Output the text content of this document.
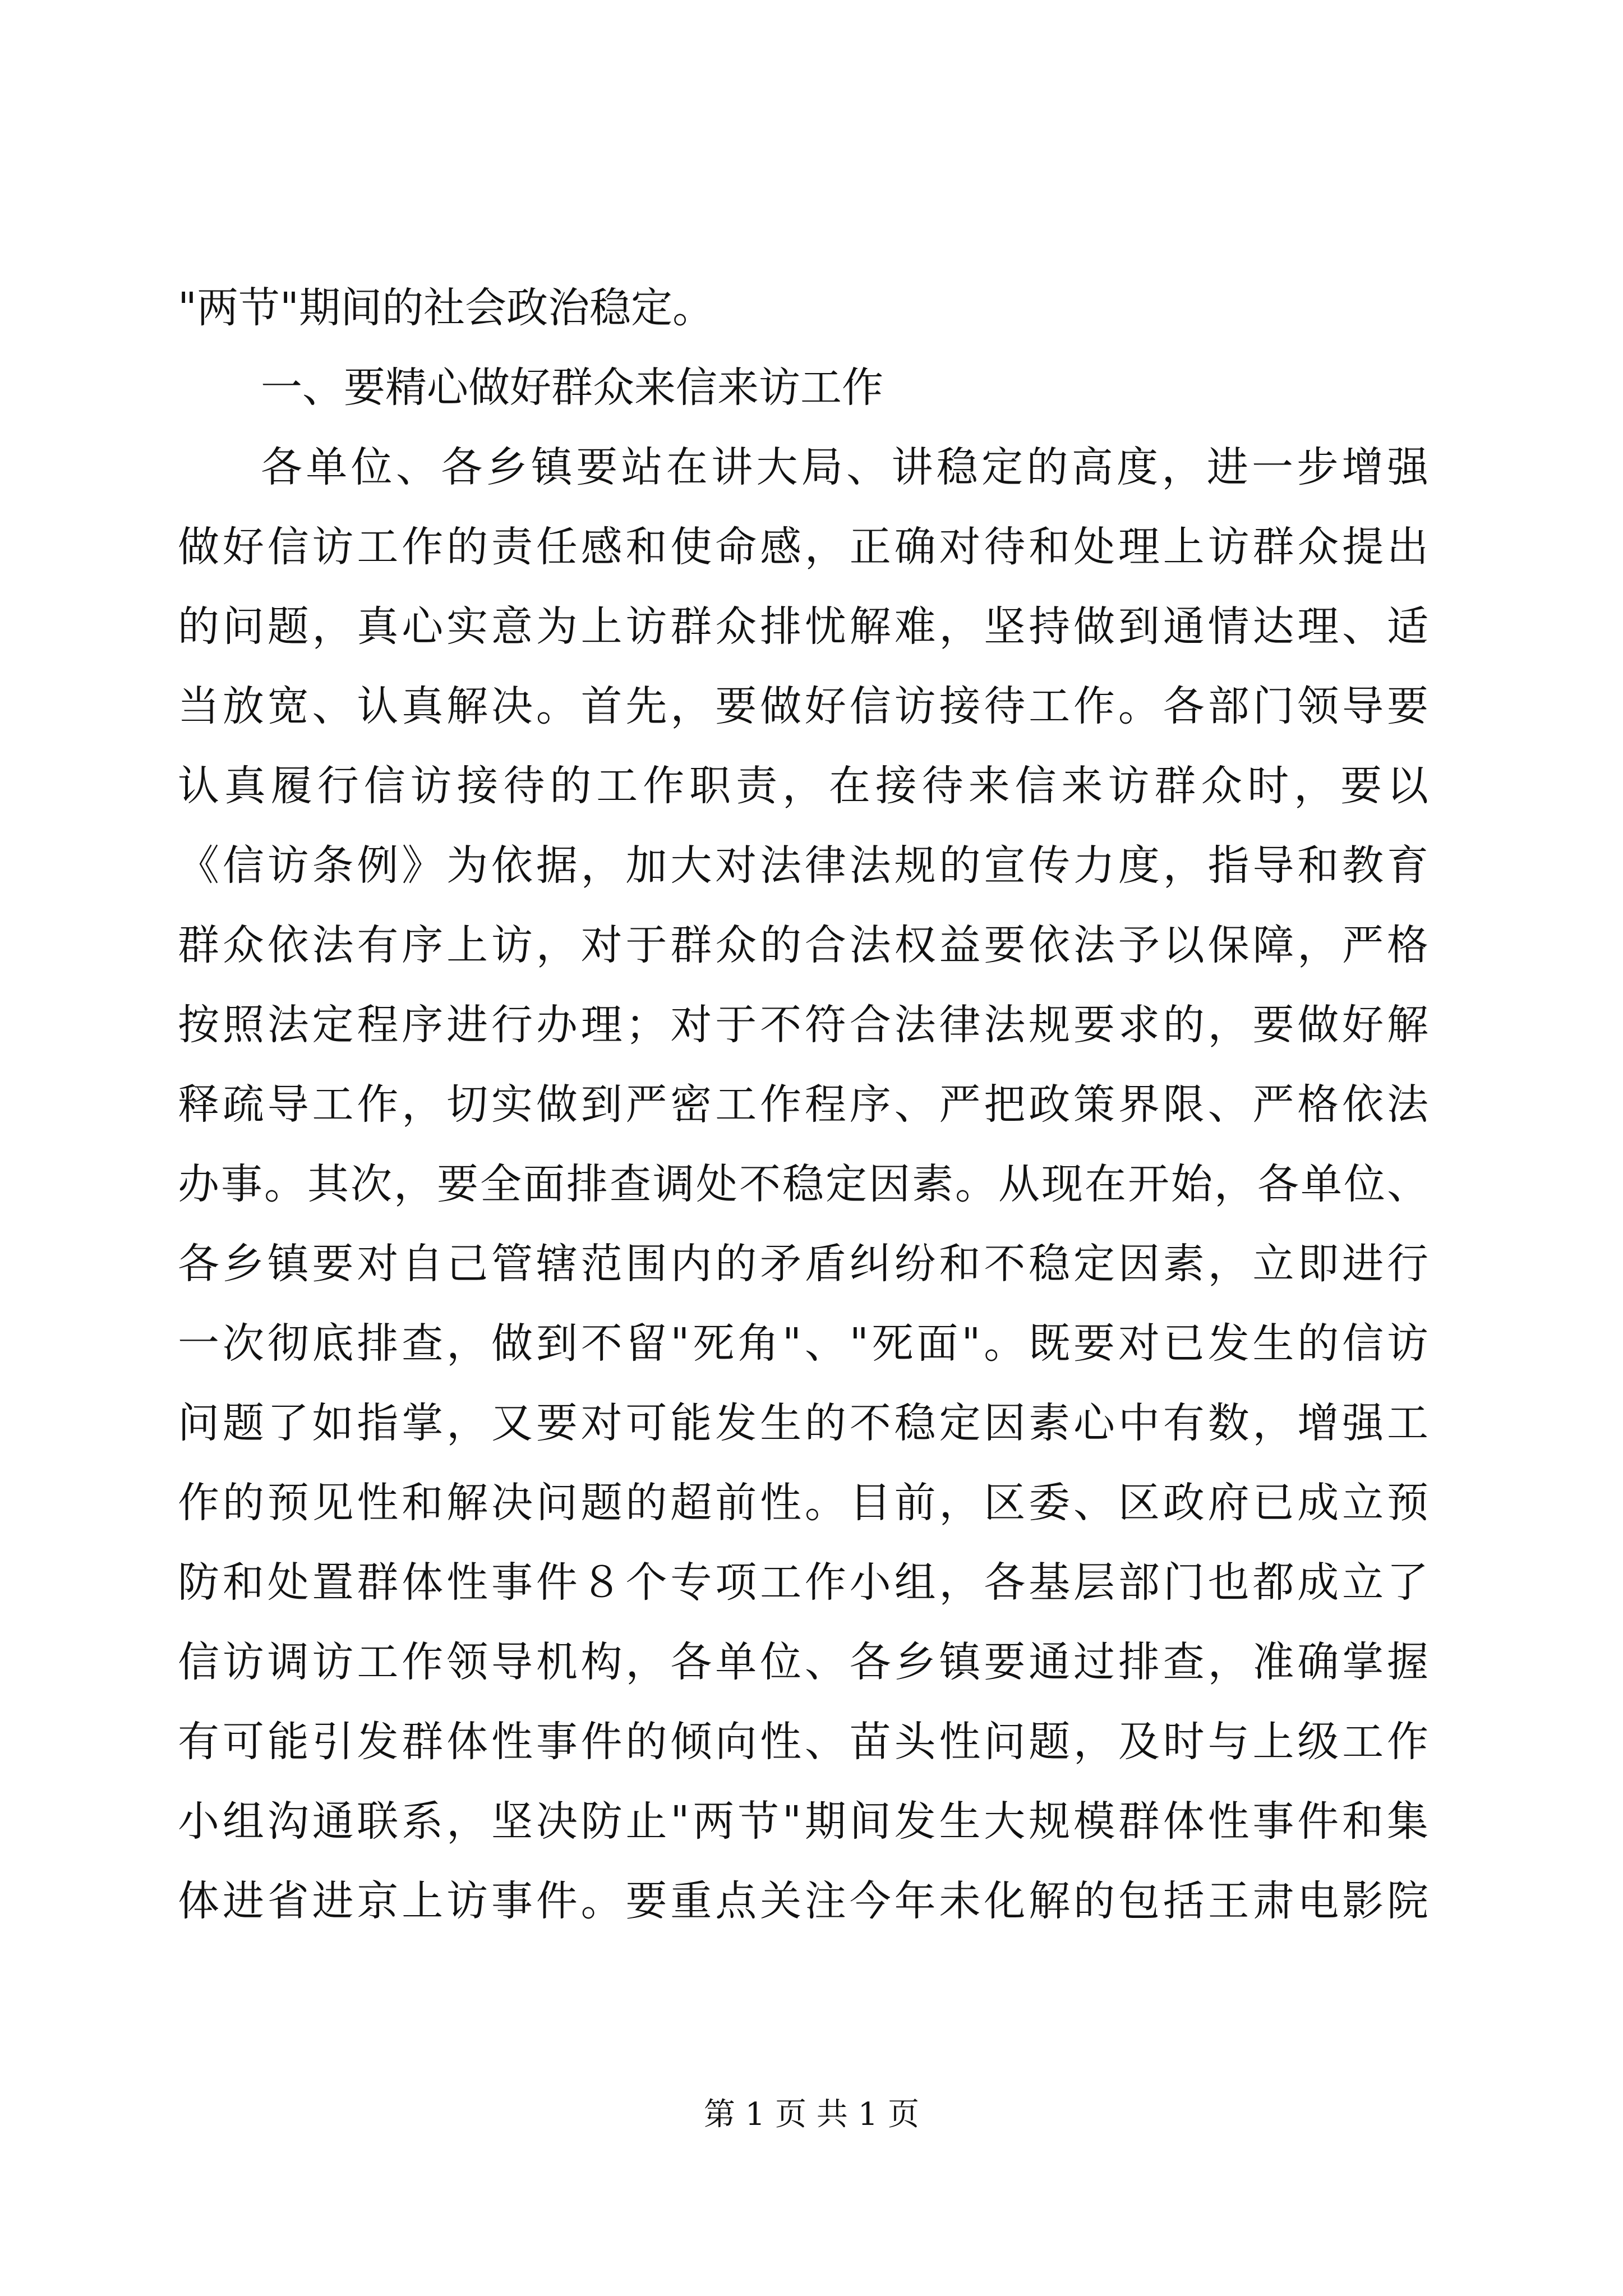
"两节"期间的社会政治稳定。
一、要精心做好群众来信来访工作
各单位、各乡镇要站在讲大局、讲稳定的高度，进一步增强
做好信访工作的责任感和使命感，正确对待和处理上访群众提出
的问题，真心实意为上访群众排忧解难，坚持做到通情达理、适
当放宽、认真解决。首先，要做好信访接待工作。各部门领导要
认真履行信访接待的工作职责，在接待来信来访群众时，要以
《信访条例》为依据，加大对法律法规的宣传力度，指导和教育
群众依法有序上访，对于群众的合法权益要依法予以保障，严格
按照法定程序进行办理；对于不符合法律法规要求的，要做好解
释疏导工作，切实做到严密工作程序、严把政策界限、严格依法
办事。其次，要全面排查调处不稳定因素。从现在开始，各单位、
各乡镇要对自己管辖范围内的矛盾纠纷和不稳定因素，立即进行
一次彻底排查，做到不留"死角"、"死面"。既要对已发生的信访
问题了如指掌，又要对可能发生的不稳定因素心中有数，增强工
作的预见性和解决问题的超前性。目前，区委、区政府已成立预
防和处置群体性事件８个专项工作小组，各基层部门也都成立了
信访调访工作领导机构，各单位、各乡镇要通过排查，准确掌握
有可能引发群体性事件的倾向性、苗头性问题，及时与上级工作
小组沟通联系，坚决防止"两节"期间发生大规模群体性事件和集
体进省进京上访事件。要重点关注今年未化解的包括王肃电影院
第 1 页 共 1 页
